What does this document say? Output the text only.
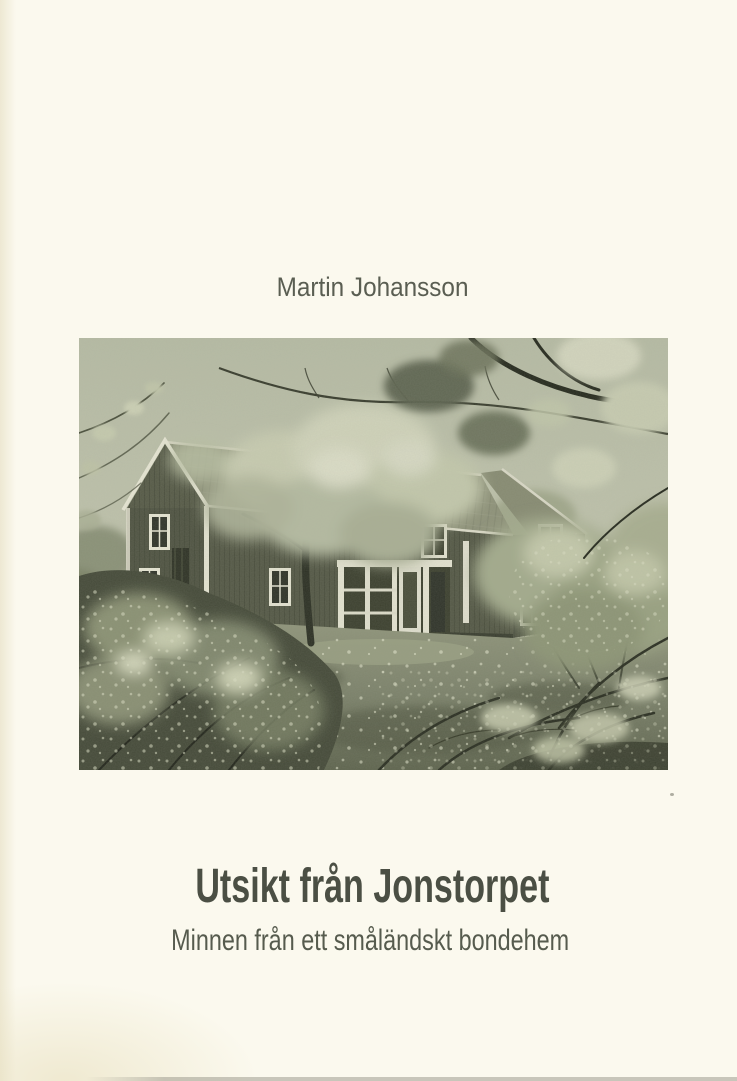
Martin Johansson
Utsikt från Jonstorpet
Minnen från ett småländskt bondehem
